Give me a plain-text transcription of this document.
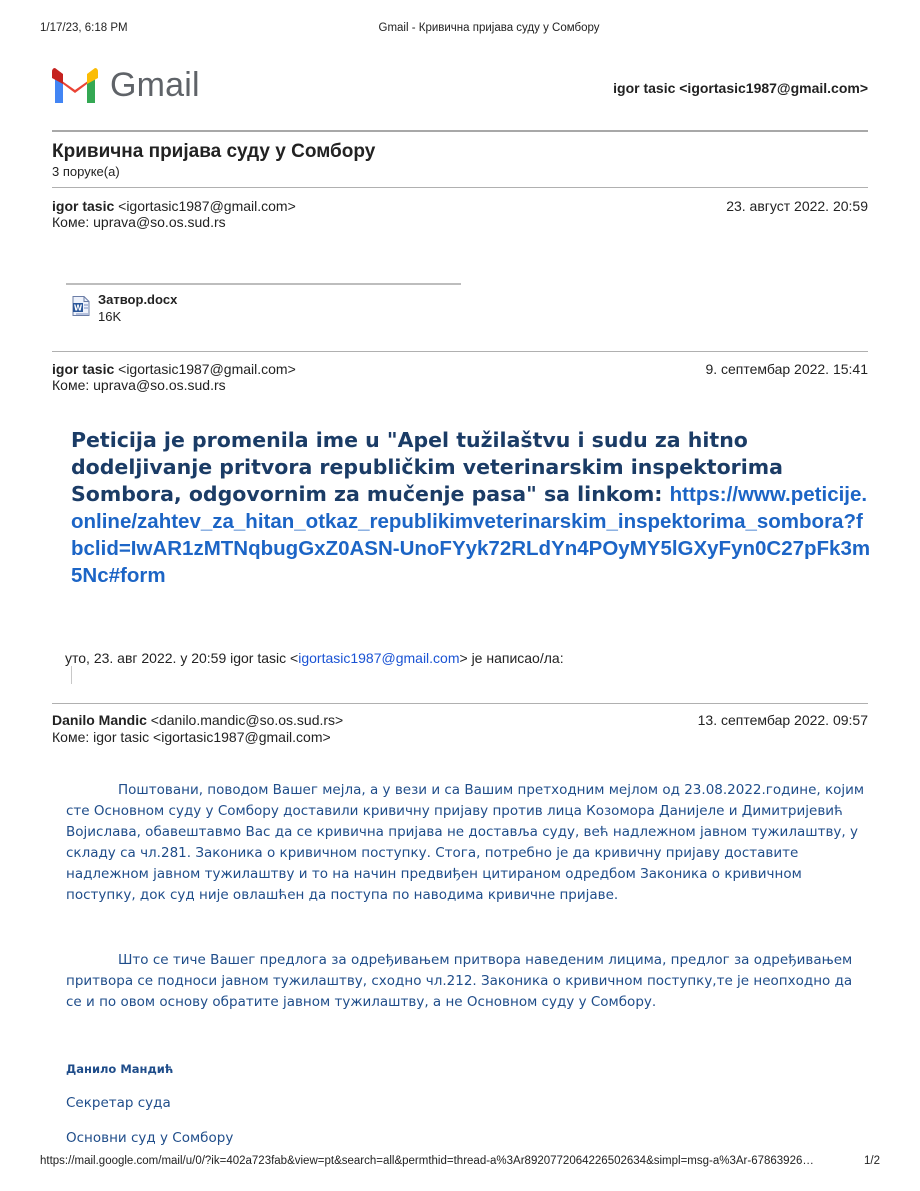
1/17/23, 6:18 PM	Gmail - Кривична пријава суду у Сомбору
Gmail	igor tasic <igortasic1987@gmail.com>
Кривична пријава суду у Сомбору
3 поруке(а)
igor tasic <igortasic1987@gmail.com>	23. август 2022. 20:59
Коме: uprava@so.os.sud.rs
W
Затвор.docx
16K
igor tasic <igortasic1987@gmail.com>	9. септембар 2022. 15:41
Коме: uprava@so.os.sud.rs
Peticija je promenila ime u "Apel tužilaštvu i sudu za hitno dodeljivanje pritvora republičkim veterinarskim inspektorima Sombora, odgovornim za mučenje pasa" sa linkom: https://www.peticije.online/zahtev_za_hitan_otkaz_republikimveterinarskim_inspektorima_sombora?fbclid=IwAR1zMTNqbugGxZ0ASN-UnoFYyk72RLdYn4POyMY5lGXyFyn0C27pFk3m5Nc#form
уто, 23. авг 2022. у 20:59 igor tasic <igortasic1987@gmail.com> је написао/ла:
Danilo Mandic <danilo.mandic@so.os.sud.rs>	13. септембар 2022. 09:57
Коме: igor tasic <igortasic1987@gmail.com>

Поштовани, поводом Вашег мејла, а у вези и са Вашим претходним мејлом од 23.08.2022.године, којим сте Основном суду у Сомбору доставили кривичну пријаву против лица Козомора Данијеле и Димитријевић Војислава, обавештавмо Вас да се кривична пријава не доставља суду, већ надлежном јавном тужилаштву, у складу са чл.281. Законика о кривичном поступку. Стога, потребно је да кривичну пријаву доставите надлежном јавном тужилаштву и то на начин предвиђен цитираном одредбом Законика о кривичном поступку, док суд није овлашћен да поступа по наводима кривичне пријаве.

Што се тиче Вашег предлога за одређивањем притвора наведеним лицима, предлог за одређивањем притвора се подноси јавном тужилаштву, сходно чл.212. Законика о кривичном поступку,те је неопходно да се и по овом основу обратите јавном тужилаштву, а не Основном суду у Сомбору.

Данило Мандић
Секретар суда
Основни суд у Сомбору
https://mail.google.com/mail/u/0/?ik=402a723fab&view=pt&search=all&permthid=thread-a%3Ar8920772064226502634&simpl=msg-a%3Ar-67863926…	1/2
